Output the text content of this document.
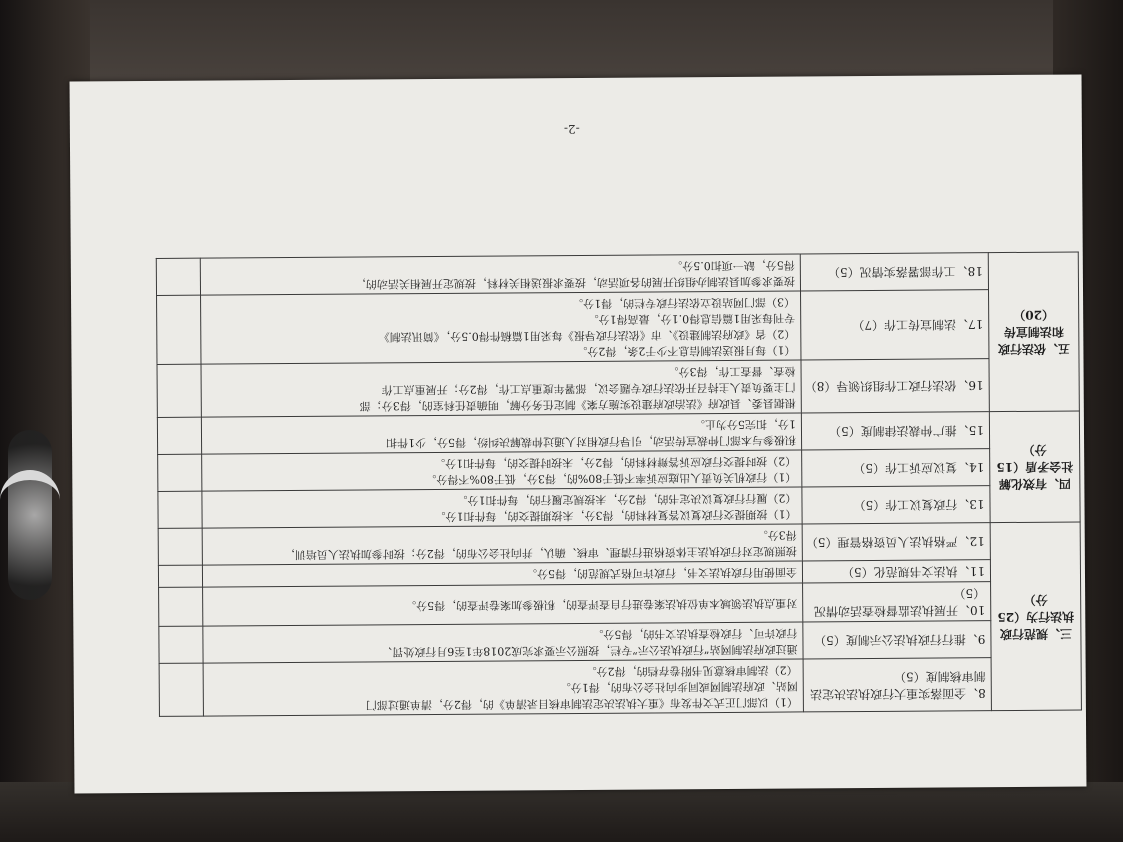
-2-
三、规范行政执法行为（25分）	8、全面落实重大行政执法决定法制审核制度（5）	（1）以部门正式文件发布《重大执法决定法制审核目录清单》的，得2分，清单通过部门
网站、政府法制网或同步向社会公布的，得1分。
（2）法制审核意见书附卷存档的，得2分。	

	9、推行行政执法公示制度（5）	通过政府法制网站“行政执法公示”专栏，按照公示要求完成2018年1至6月行政处罚、
行政许可、行政检查执法文书的，得5分。	

	10、开展执法监督检查活动情况（5）	对重点执法领域本单位执法案卷进行自查评查的，积极参加案卷评查的，得5分。	

	11、执法文书规范化（5）	全面使用行政执法文书，行政许可格式规范的，得5分。	

	12、严格执法人员资格管理（5）	按照规定对行政执法主体资格进行清理、审核、确认，并向社会公布的，得2分；按时参加执法人员培训，
得3分。	

四、有效化解社会矛盾（15分）	13、行政复议工作（5）	（1）按期提交行政复议答复材料的，得3分，未按期提交的，每件扣1分。
（2）履行行政复议决定书的，得2分，未按规定履行的，每件扣1分。	

	14、复议应诉工作（5）	（1）行政机关负责人出庭应诉率不低于80%的，得3分，低于80%不得分。
（2）按时提交行政应诉答辩材料的，得2分，未按时提交的，每件扣1分。	

	15、推广仲裁法律制度（5）	积极参与本部门仲裁宣传活动，引导行政相对人通过仲裁解决纠纷，得5分，少1件扣
1分，扣完5分为止。	

五、依法行政和法制宣传（20）	16、依法行政工作组织领导（8）	根据县委、县政府《法治政府建设实施方案》制定任务分解，明确责任科室的，得3分；部
门主要负责人主持召开依法行政专题会议，部署年度重点工作，得2分；开展重点工作
检查、督查工作，得3分。	

	17、法制宣传工作（7）	（1）每月报送法制信息不少于2条，得2分。
（2）省《政府法制建设》、市《依法行政导报》每采用1篇稿件得0.5分，《简讯法制》
专刊每采用1篇信息得0.1分，最高得1分。
（3）部门网站设立依法行政专栏的，得1分。	

	18、工作部署落实情况（5）	按要求参加县法制办组织开展的各项活动，按要求报送相关材料，按规定开展相关活动的，
得5分，缺一项扣0.5分。	
